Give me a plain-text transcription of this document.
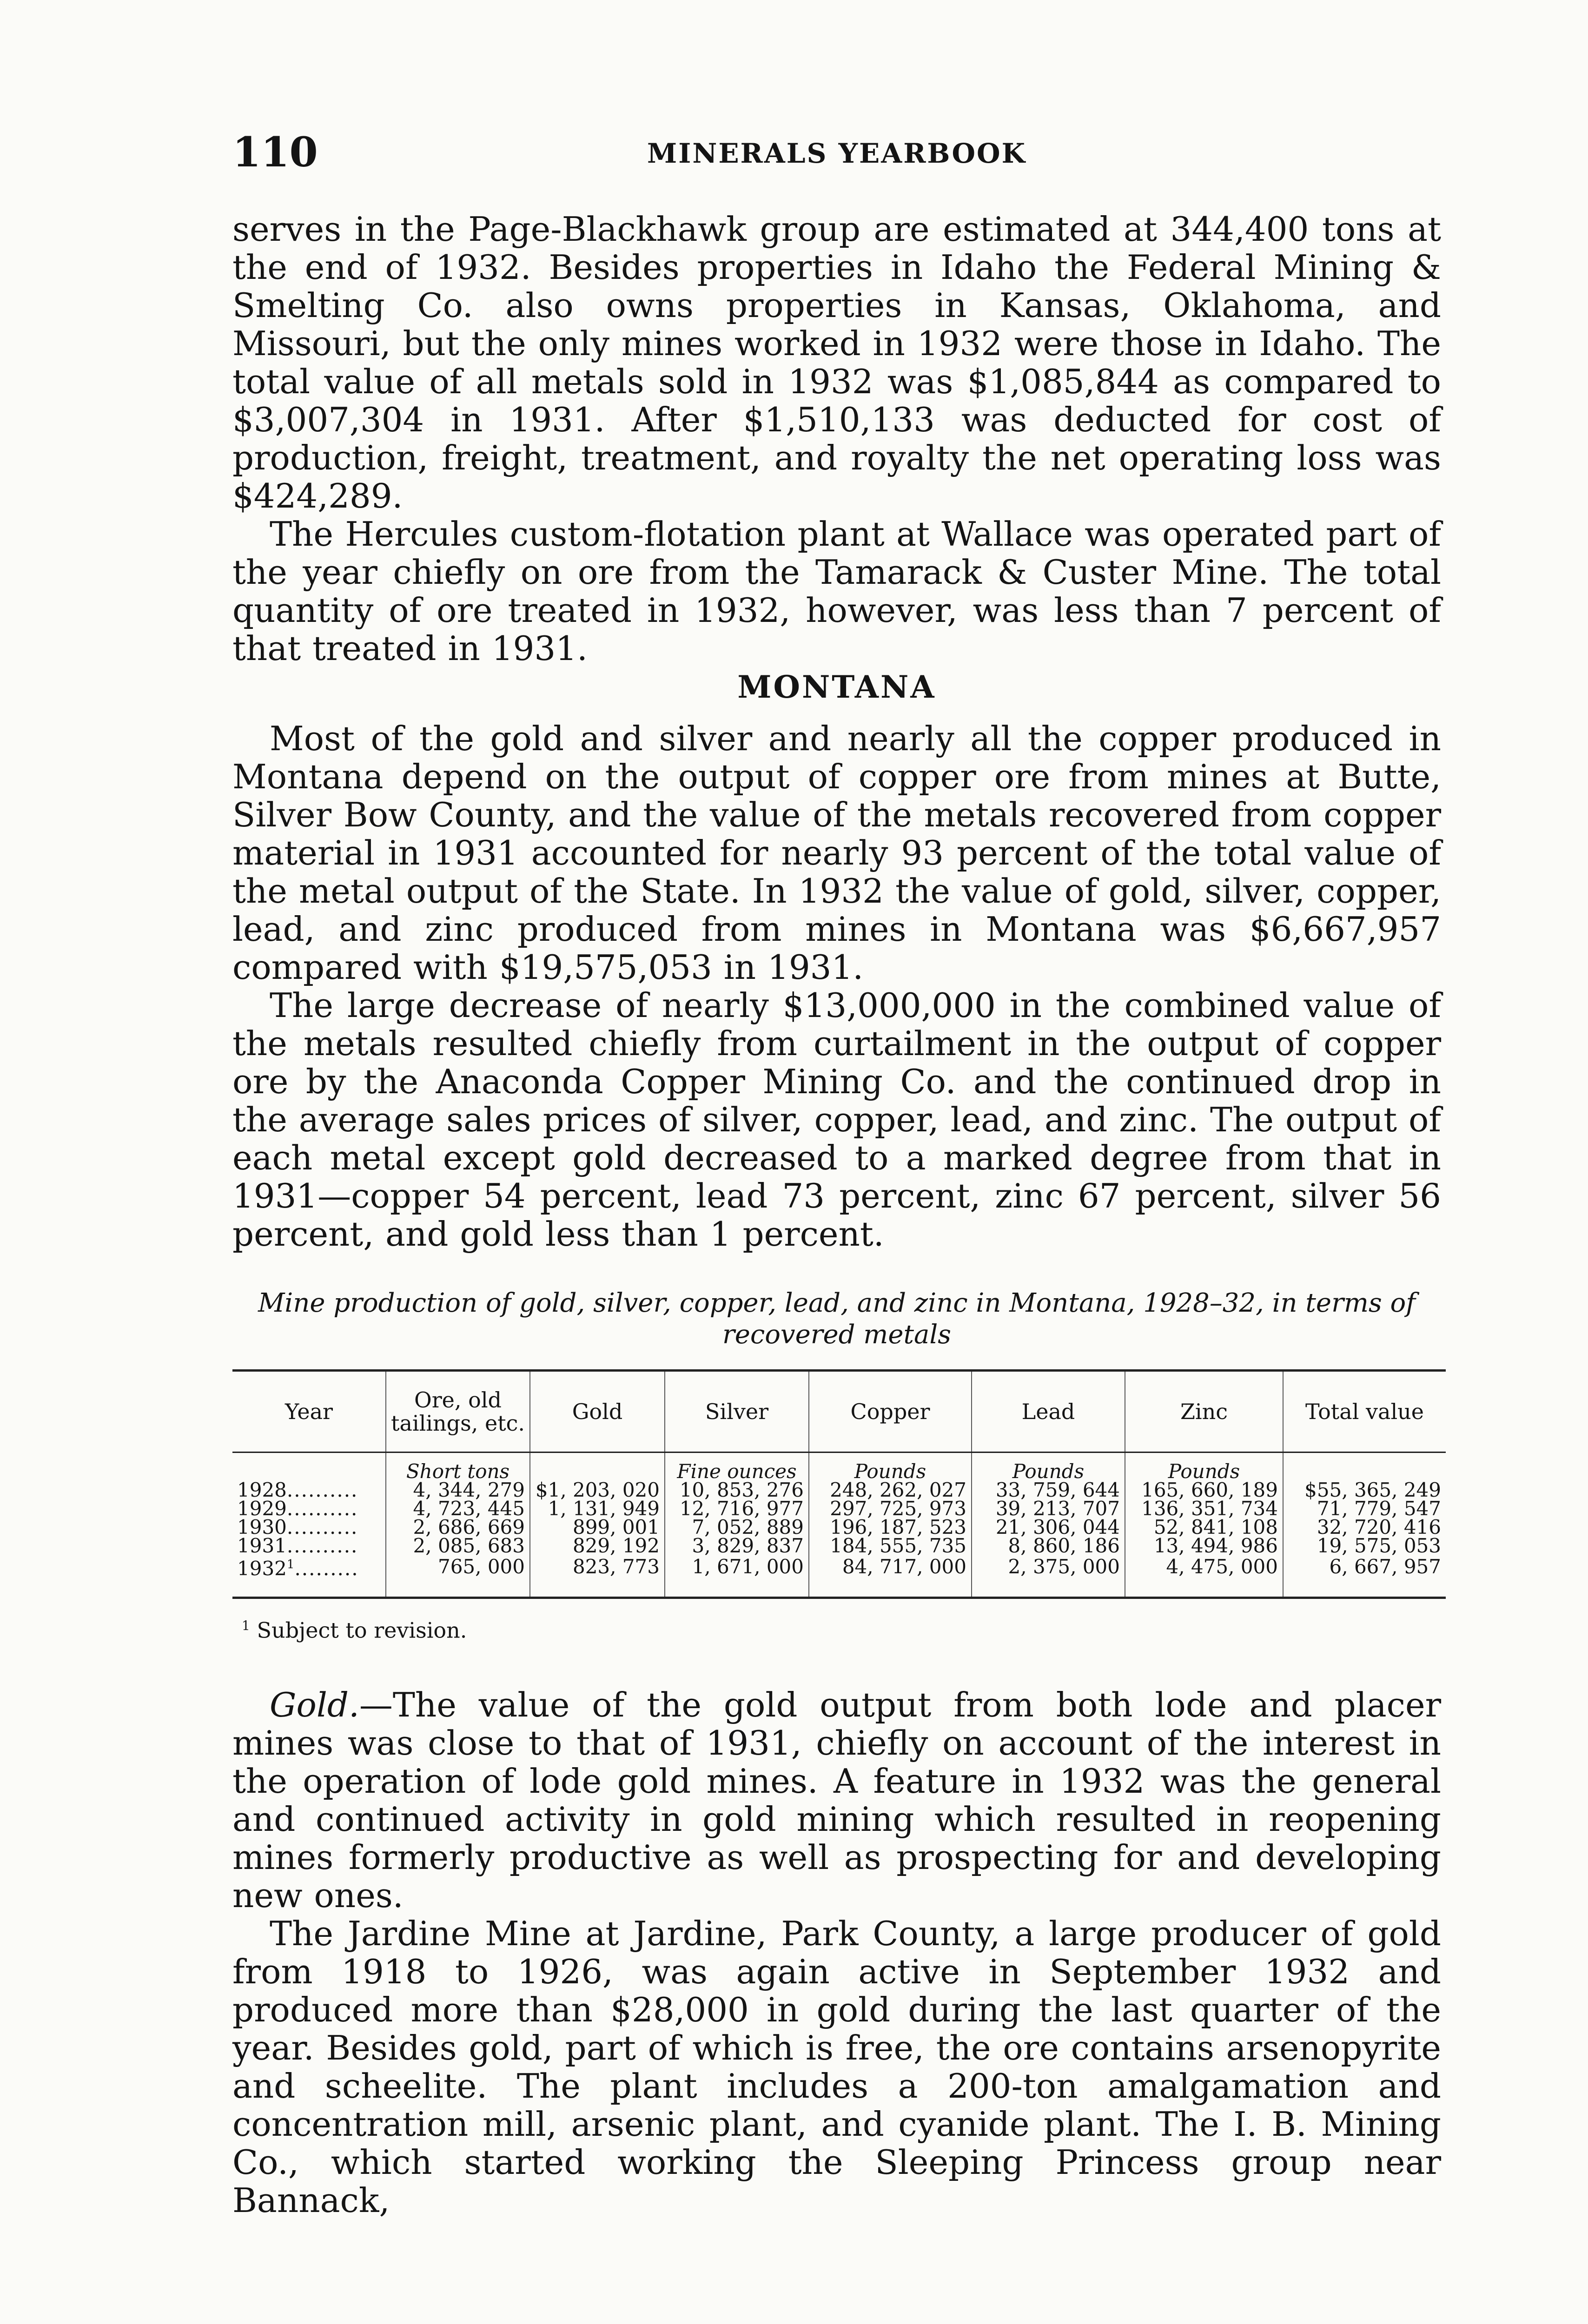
110	MINERALS YEARBOOK

serves in the Page-Blackhawk group are estimated at 344,400 tons at the end of 1932. Besides properties in Idaho the Federal Mining & Smelting Co. also owns properties in Kansas, Oklahoma, and Missouri, but the only mines worked in 1932 were those in Idaho. The total value of all metals sold in 1932 was $1,085,844 as compared to $3,007,304 in 1931. After $1,510,133 was deducted for cost of production, freight, treatment, and royalty the net operating loss was $424,289.

The Hercules custom-flotation plant at Wallace was operated part of the year chiefly on ore from the Tamarack & Custer Mine. The total quantity of ore treated in 1932, however, was less than 7 percent of that treated in 1931.

MONTANA

Most of the gold and silver and nearly all the copper produced in Montana depend on the output of copper ore from mines at Butte, Silver Bow County, and the value of the metals recovered from copper material in 1931 accounted for nearly 93 percent of the total value of the metal output of the State. In 1932 the value of gold, silver, copper, lead, and zinc produced from mines in Montana was $6,667,957 compared with $19,575,053 in 1931.

The large decrease of nearly $13,000,000 in the combined value of the metals resulted chiefly from curtailment in the output of copper ore by the Anaconda Copper Mining Co. and the continued drop in the average sales prices of silver, copper, lead, and zinc. The output of each metal except gold decreased to a marked degree from that in 1931—copper 54 percent, lead 73 percent, zinc 67 percent, silver 56 percent, and gold less than 1 percent.

Mine production of gold, silver, copper, lead, and zinc in Montana, 1928–32, in terms of recovered metals
Year	Ore, old tailings, etc.	Gold	Silver	Copper	Lead	Zinc	Total value
	Short tons		Fine ounces	Pounds	Pounds	Pounds	
1928..........	4, 344, 279	$1, 203, 020	10, 853, 276	248, 262, 027	33, 759, 644	165, 660, 189	$55, 365, 249
1929..........	4, 723, 445	1, 131, 949	12, 716, 977	297, 725, 973	39, 213, 707	136, 351, 734	71, 779, 547
1930..........	2, 686, 669	899, 001	7, 052, 889	196, 187, 523	21, 306, 044	52, 841, 108	32, 720, 416
1931..........	2, 085, 683	829, 192	3, 829, 837	184, 555, 735	8, 860, 186	13, 494, 986	19, 575, 053
1932$^1$.........	765, 000	823, 773	1, 671, 000	84, 717, 000	2, 375, 000	4, 475, 000	6, 667, 957
$^1$ Subject to revision.

Gold.—The value of the gold output from both lode and placer mines was close to that of 1931, chiefly on account of the interest in the operation of lode gold mines. A feature in 1932 was the general and continued activity in gold mining which resulted in reopening mines formerly productive as well as prospecting for and developing new ones.

The Jardine Mine at Jardine, Park County, a large producer of gold from 1918 to 1926, was again active in September 1932 and produced more than $28,000 in gold during the last quarter of the year. Besides gold, part of which is free, the ore contains arsenopyrite and scheelite. The plant includes a 200-ton amalgamation and concentration mill, arsenic plant, and cyanide plant. The I. B. Mining Co., which started working the Sleeping Princess group near Bannack,
